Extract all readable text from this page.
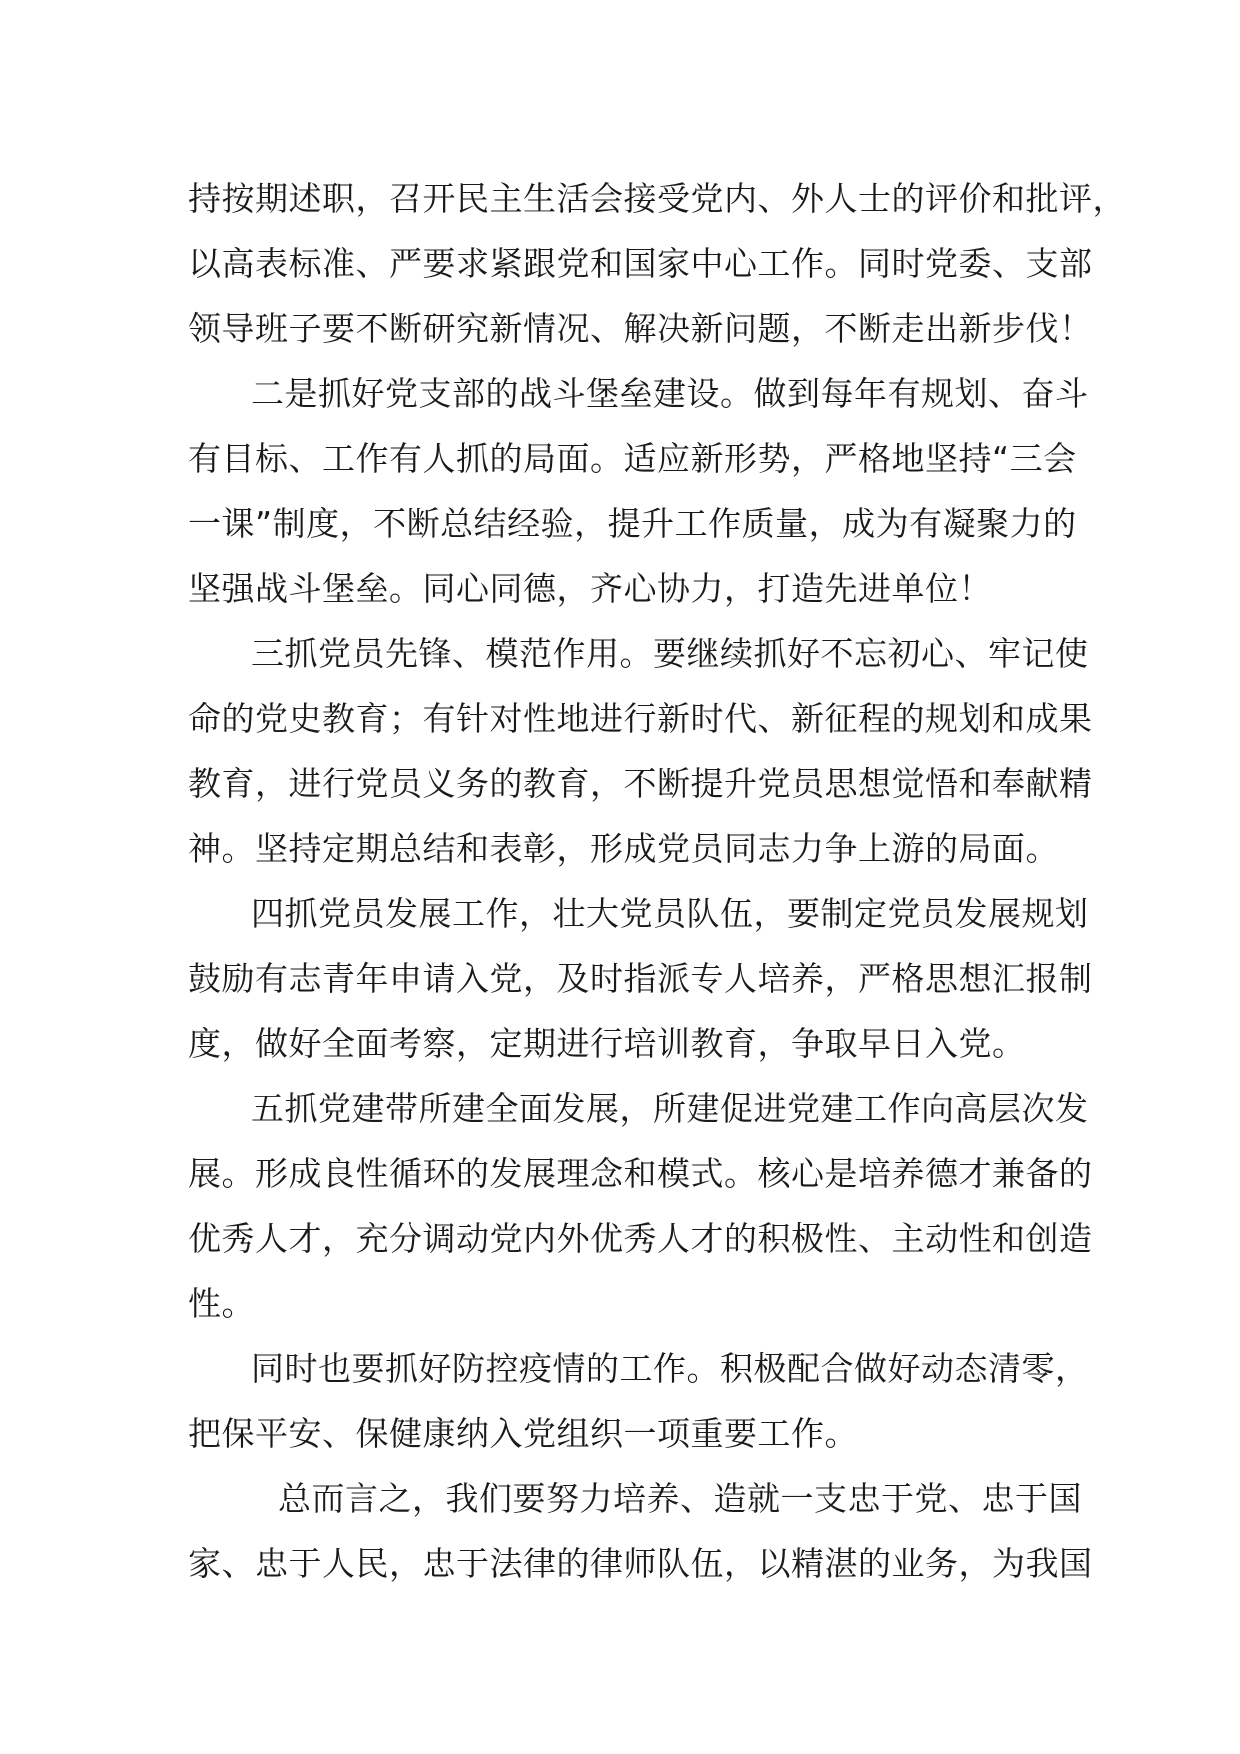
持按期述职，召开民主生活会接受党内、外人士的评价和批评，
以高表标准、严要求紧跟党和国家中心工作。同时党委、支部
领导班子要不断研究新情况、解决新问题，不断走出新步伐！
二是抓好党支部的战斗堡垒建设。做到每年有规划、奋斗
有目标、工作有人抓的局面。适应新形势，严格地坚持“三会
一课”制度，不断总结经验，提升工作质量，成为有凝聚力的
坚强战斗堡垒。同心同德，齐心协力，打造先进单位！
三抓党员先锋、模范作用。要继续抓好不忘初心、牢记使
命的党史教育；有针对性地进行新时代、新征程的规划和成果
教育，进行党员义务的教育，不断提升党员思想觉悟和奉献精
神。坚持定期总结和表彰，形成党员同志力争上游的局面。
四抓党员发展工作，壮大党员队伍，要制定党员发展规划
鼓励有志青年申请入党，及时指派专人培养，严格思想汇报制
度，做好全面考察，定期进行培训教育，争取早日入党。
五抓党建带所建全面发展，所建促进党建工作向高层次发
展。形成良性循环的发展理念和模式。核心是培养德才兼备的
优秀人才，充分调动党内外优秀人才的积极性、主动性和创造
性。
同时也要抓好防控疫情的工作。积极配合做好动态清零，
把保平安、保健康纳入党组织一项重要工作。
总而言之，我们要努力培养、造就一支忠于党、忠于国
家、忠于人民，忠于法律的律师队伍，以精湛的业务，为我国
